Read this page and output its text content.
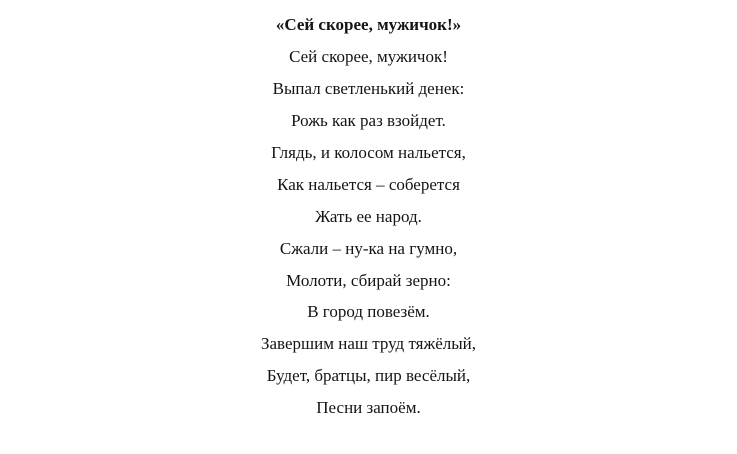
«Сей скорее, мужичок!»

Сей скорее, мужичок!

Выпал светленький денек:

Рожь как раз взойдет.

Глядь, и колосом нальется,

Как нальется – соберется

Жать ее народ.

Сжали – ну-ка на гумно,

Молоти, сбирай зерно:

В город повезём.

Завершим наш труд тяжёлый,

Будет, братцы, пир весёлый,

Песни запоём.
